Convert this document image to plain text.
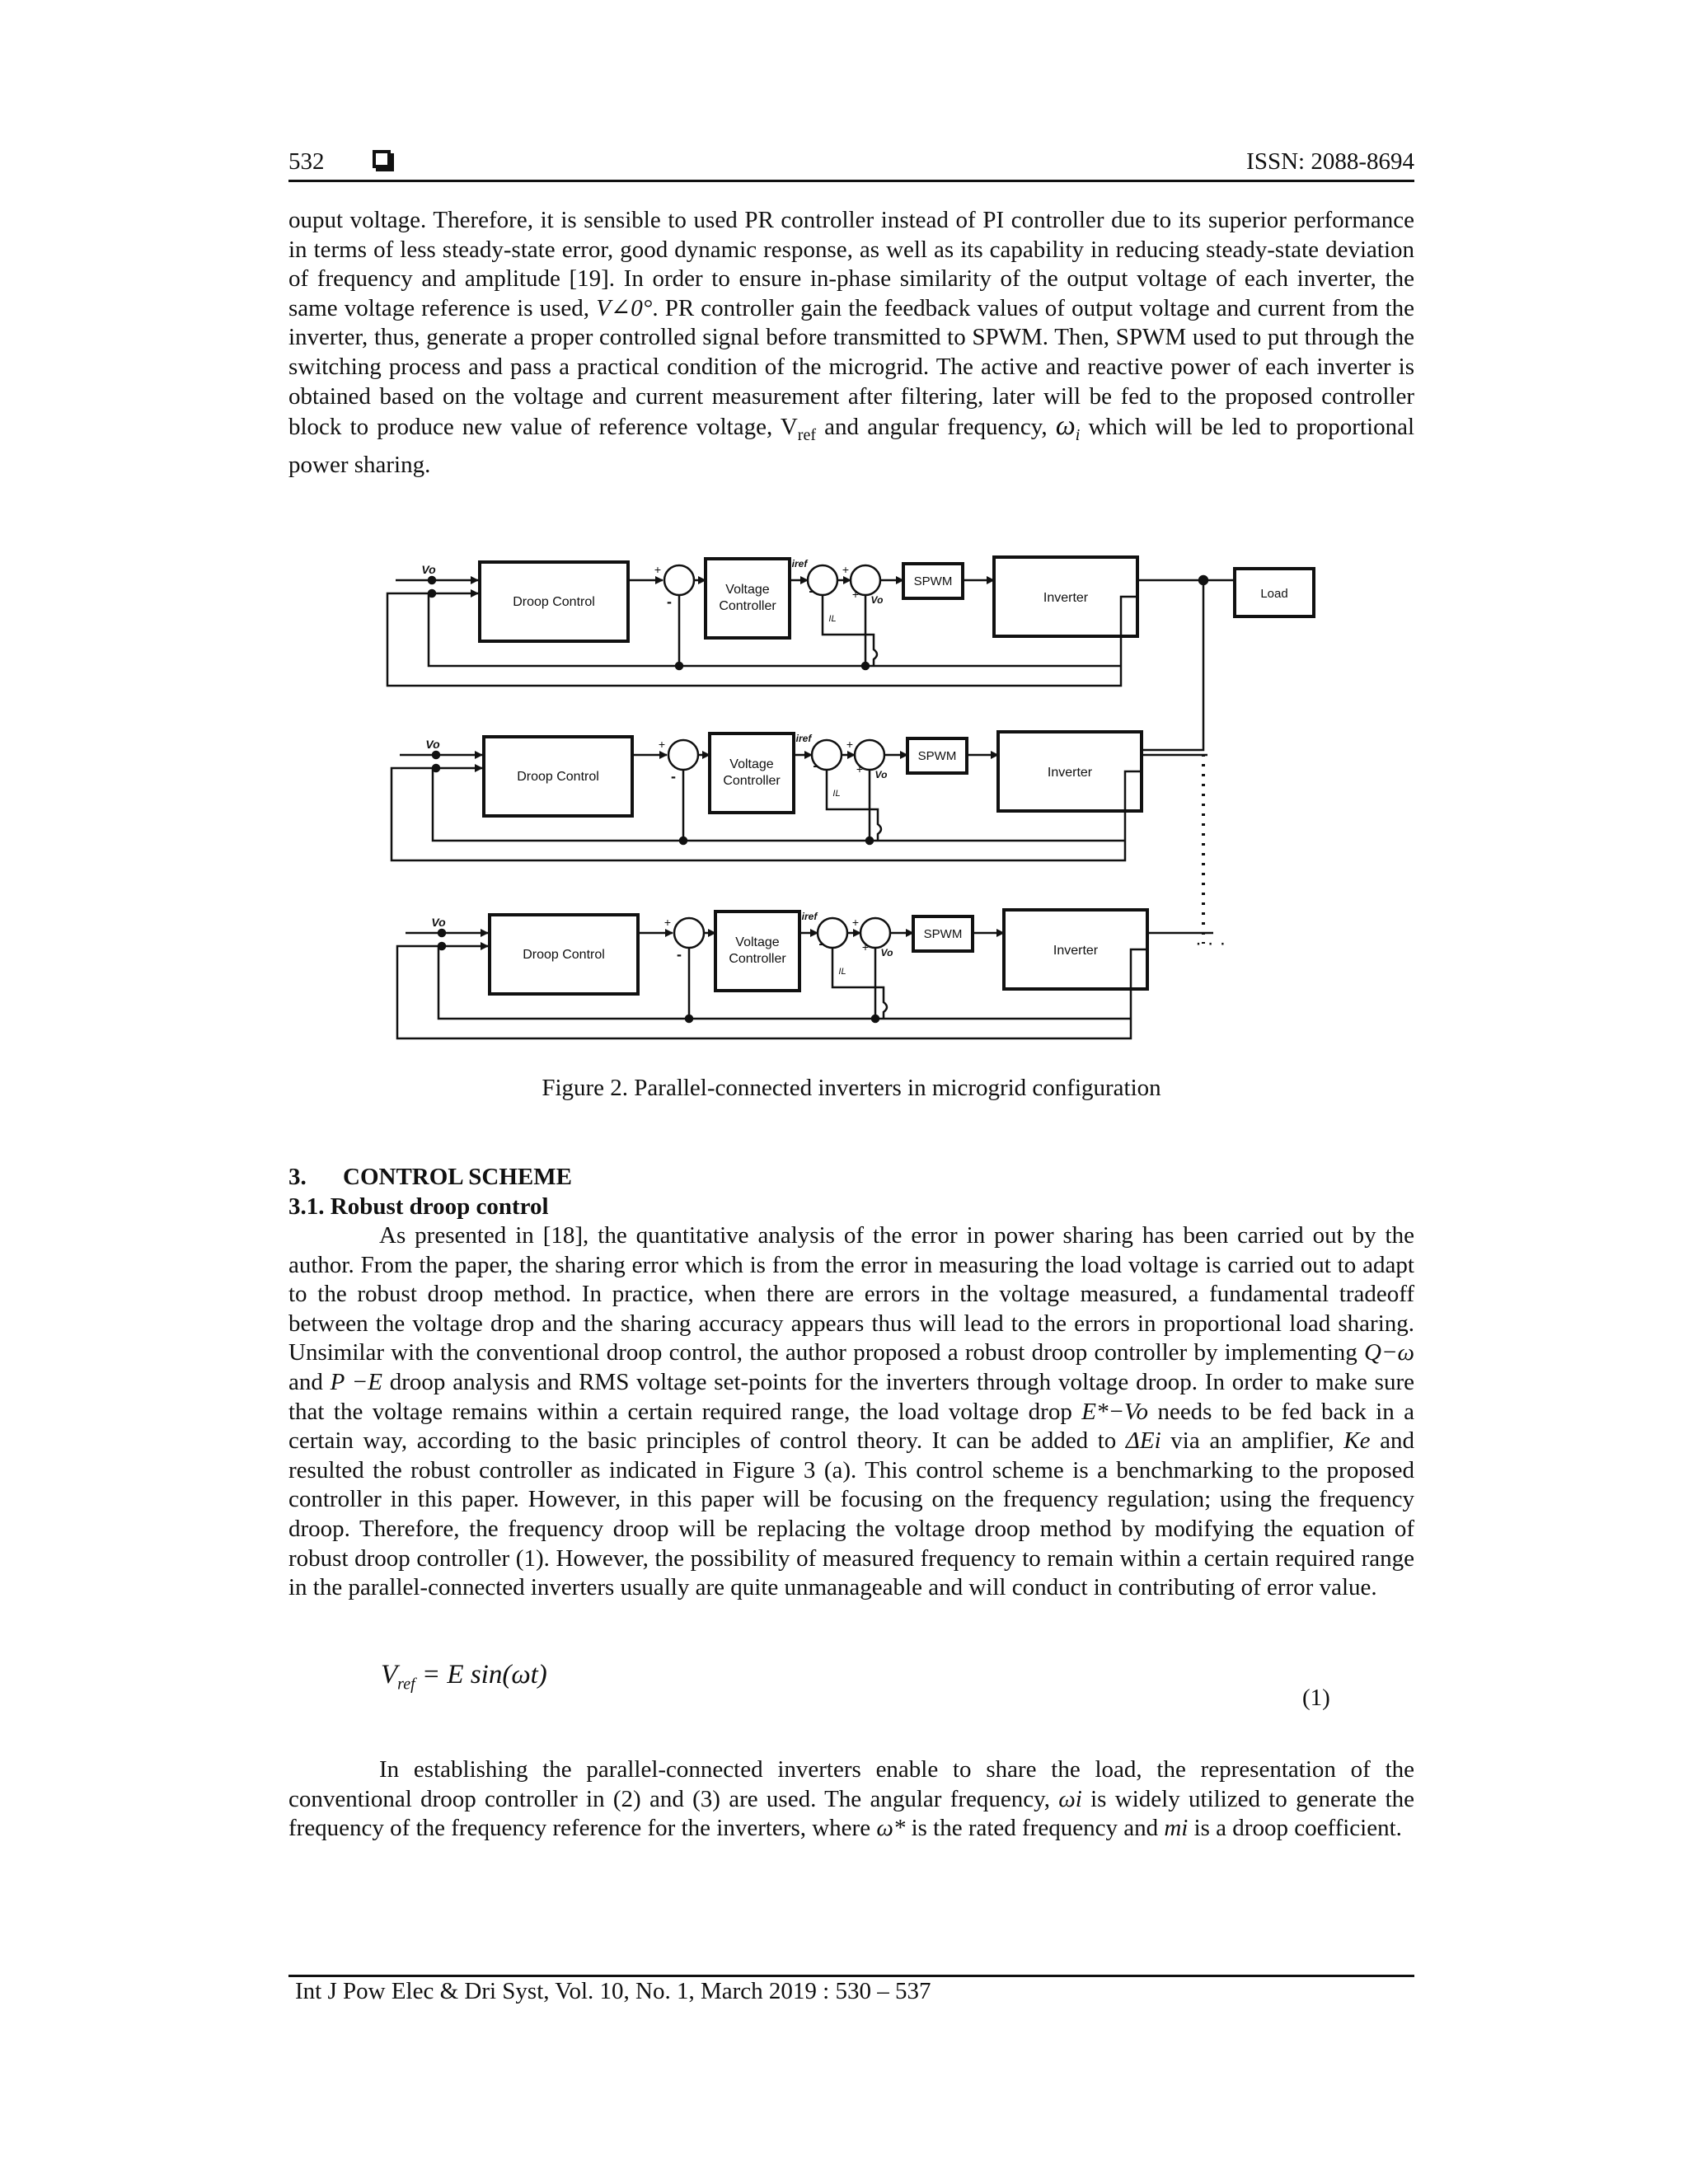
532	ISSN: 2088-8694

ouput voltage. Therefore, it is sensible to used PR controller instead of PI controller due to its superior performance in terms of less steady-state error, good dynamic response, as well as its capability in reducing steady-state deviation of frequency and amplitude [19]. In order to ensure in-phase similarity of the output voltage of each inverter, the same voltage reference is used, V∠0°. PR controller gain the feedback values of output voltage and current from the inverter, thus, generate a proper controlled signal before transmitted to SPWM. Then, SPWM used to put through the switching process and pass a practical condition of the microgrid. The active and reactive power of each inverter is obtained based on the voltage and current measurement after filtering, later will be fed to the proposed controller block to produce new value of reference voltage, $V_{ref}$ and angular frequency, $\omega_i$ which will be led to proportional power sharing.

Vo
Droop Control
+
-
Voltage
Controller
iref
-
+
+ Vo
IL
SPWM
Inverter
Vo
Droop Control
+
-
Voltage
Controller
iref
-
+
+ Vo
IL
SPWM
Inverter
Vo
Droop Control
+
-
Voltage
Controller
iref
-
+
+ Vo
IL
SPWM
Inverter
Load
· · ·
Figure 2. Parallel-connected inverters in microgrid configuration
3. CONTROL SCHEME
3.1. Robust droop control

As presented in [18], the quantitative analysis of the error in power sharing has been carried out by the author. From the paper, the sharing error which is from the error in measuring the load voltage is carried out to adapt to the robust droop method. In practice, when there are errors in the voltage measured, a fundamental tradeoff between the voltage drop and the sharing accuracy appears thus will lead to the errors in proportional load sharing. Unsimilar with the conventional droop control, the author proposed a robust droop controller by implementing Q−ω and P −E droop analysis and RMS voltage set-points for the inverters through voltage droop. In order to make sure that the voltage remains within a certain required range, the load voltage drop E*−Vo needs to be fed back in a certain way, according to the basic principles of control theory. It can be added to ΔEi via an amplifier, Ke and resulted the robust controller as indicated in Figure 3 (a). This control scheme is a benchmarking to the proposed controller in this paper. However, in this paper will be focusing on the frequency regulation; using the frequency droop. Therefore, the frequency droop will be replacing the voltage droop method by modifying the equation of robust droop controller (1). However, the possibility of measured frequency to remain within a certain required range in the parallel-connected inverters usually are quite unmanageable and will conduct in contributing of error value.

$V_{ref} = E$ sin(ωt)
(1)

In establishing the parallel-connected inverters enable to share the load, the representation of the conventional droop controller in (2) and (3) are used. The angular frequency, ωi is widely utilized to generate the frequency of the frequency reference for the inverters, where ω* is the rated frequency and mi is a droop coefficient.

Int J Pow Elec & Dri Syst, Vol. 10, No. 1, March 2019 : 530 – 537
